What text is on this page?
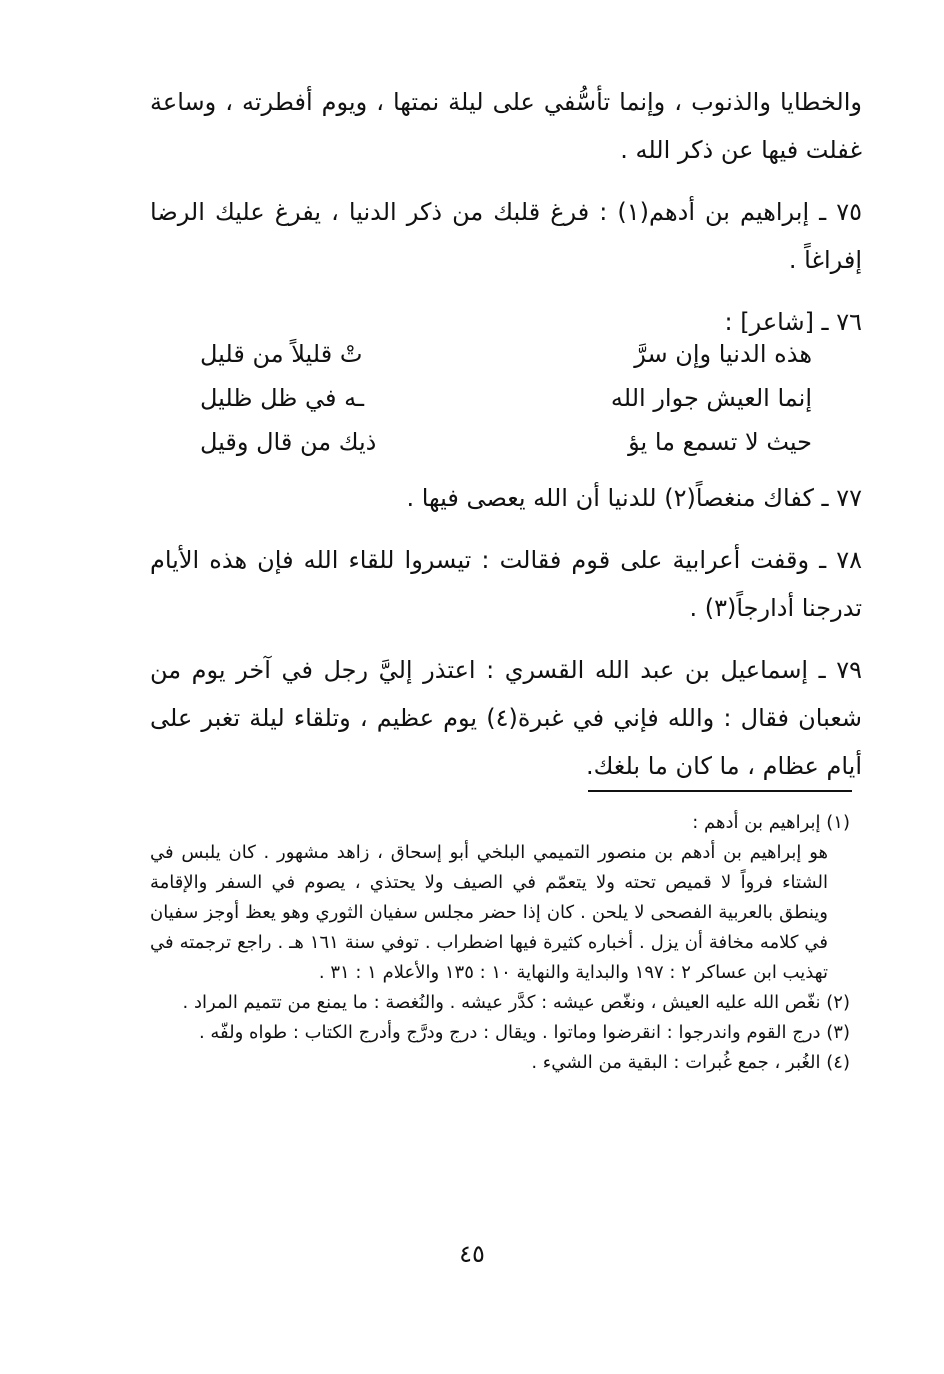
والخطايا والذنوب ، وإنما تأسُّفي على ليلة نمتها ، ويوم أفطرته ، وساعة غفلت فيها عن ذكر الله .

٧٥ ـ إبراهيم بن أدهم(١) : فرغ قلبك من ذكر الدنيا ، يفرغ عليك الرضا إفراغاً .

٧٦ ـ [شاعر] :

هذه الدنيا وإن سرَّ
تْ قليلاً من قليل
إنما العيش جوار الله
ـه في ظل ظليل
حيث لا تسمع ما يؤ
ذيك من قال وقيل

٧٧ ـ كفاك منغصاً(٢) للدنيا أن الله يعصى فيها .

٧٨ ـ وقفت أعرابية على قوم فقالت : تيسروا للقاء الله فإن هذه الأيام تدرجنا أدارجاً(٣) .

٧٩ ـ إسماعيل بن عبد الله القسري : اعتذر إليَّ رجل في آخر يوم من شعبان فقال : والله فإني في غبرة(٤) يوم عظيم ، وتلقاء ليلة تغبر على أيام عظام ، ما كان ما بلغك.

(١) إبراهيم بن أدهم :

هو إبراهيم بن أدهم بن منصور التميمي البلخي أبو إسحاق ، زاهد مشهور . كان يلبس في الشتاء فرواً لا قميص تحته ولا يتعمّم في الصيف ولا يحتذي ، يصوم في السفر والإقامة وينطق بالعربية الفصحى لا يلحن . كان إذا حضر مجلس سفيان الثوري وهو يعظ أوجز سفيان في كلامه مخافة أن يزل . أخباره كثيرة فيها اضطراب . توفي سنة ١٦١ هـ . راجع ترجمته في تهذيب ابن عساكر ٢ : ١٩٧ والبداية والنهاية ١٠ : ١٣٥ والأعلام ١ : ٣١ .

(٢) نغّص الله عليه العيش ، ونغّص عيشه : كدَّر عيشه . والنُغصة : ما يمنع من تتميم المراد .

(٣) درج القوم واندرجوا : انقرضوا وماتوا . ويقال : درج ودرَّج وأدرج الكتاب : طواه ولفّه .

(٤) الغُبر ، جمع غُبرات : البقية من الشيء .

٤٥
